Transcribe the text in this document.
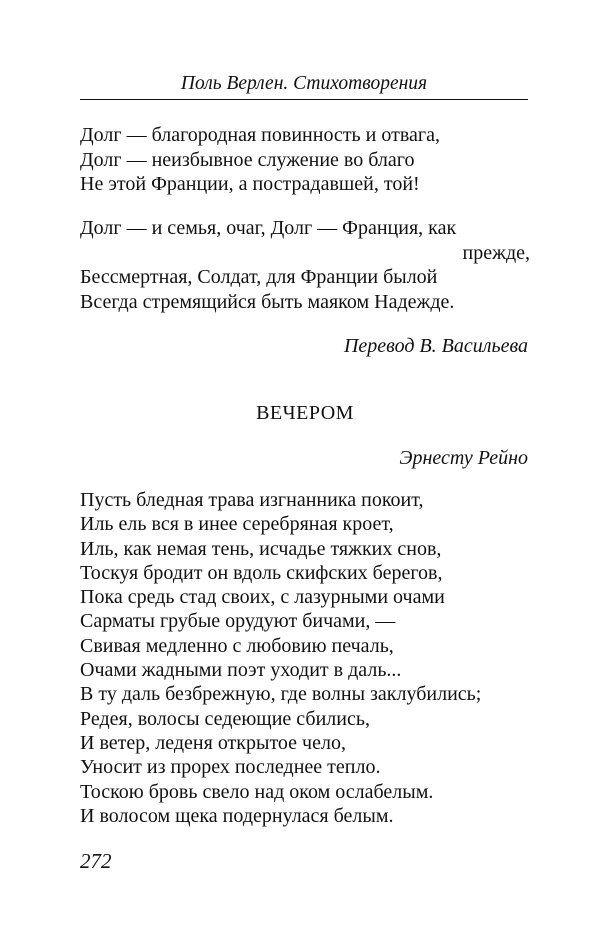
Поль Верлен. Стихотворения
Долг — благородная повинность и отвага,
Долг — неизбывное служение во благо
Не этой Франции, а пострадавшей, той!
Долг — и семья, очаг, Долг — Франция, как
прежде,
Бессмертная, Солдат, для Франции былой
Всегда стремящийся быть маяком Надежде.
Перевод В. Васильева
ВЕЧЕРОМ
Эрнесту Рейно
Пусть бледная трава изгнанника покоит,
Иль ель вся в инее серебряная кроет,
Иль, как немая тень, исчадье тяжких снов,
Тоскуя бродит он вдоль скифских берегов,
Пока средь стад своих, с лазурными очами
Сарматы грубые орудуют бичами, —
Свивая медленно с любовию печаль,
Очами жадными поэт уходит в даль...
В ту даль безбрежную, где волны заклубились;
Редея, волосы седеющие сбились,
И ветер, леденя открытое чело,
Уносит из прорех последнее тепло.
Тоскою бровь свело над оком ослабелым.
И волосом щека подернулася белым.
272
